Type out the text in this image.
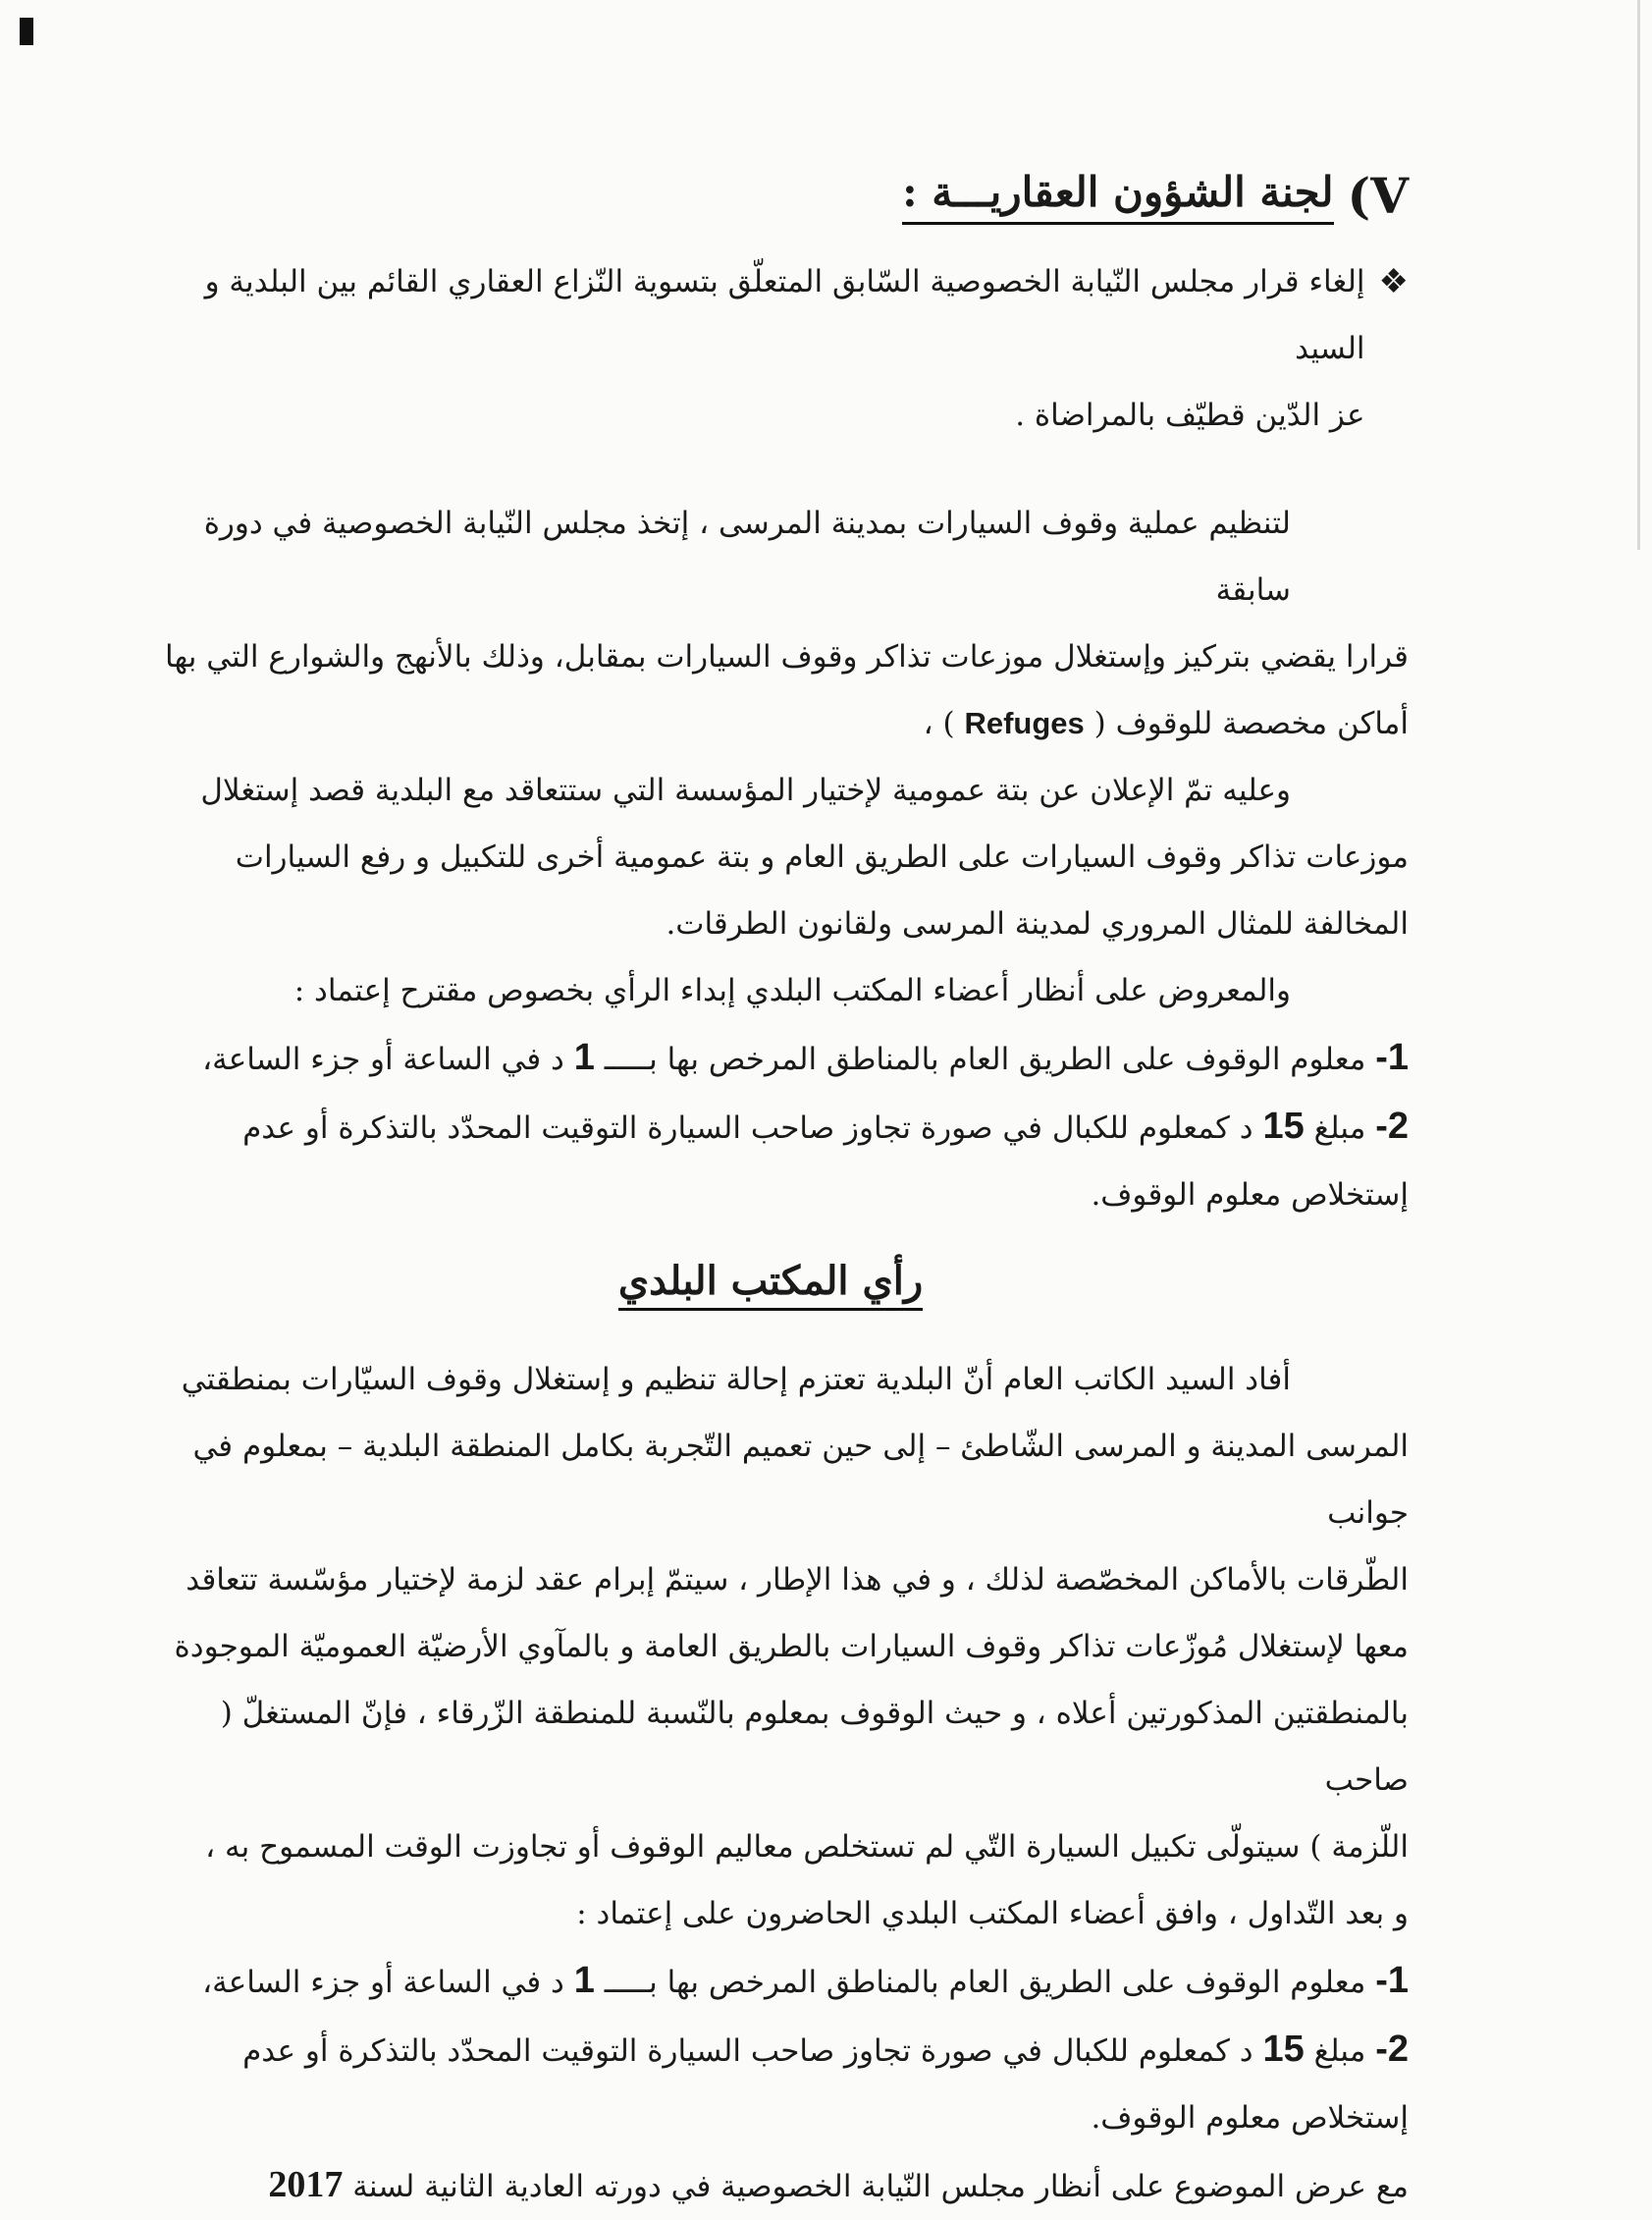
V)
لجنة الشؤون العقاريـــة :
❖

إلغاء قرار مجلس النّيابة الخصوصية السّابق المتعلّق بتسوية النّزاع العقاري القائم بين البلدية و السيد

عز الدّين قطيّف بالمراضاة .

لتنظيم عملية وقوف السيارات بمدينة المرسى ، إتخذ مجلس النّيابة الخصوصية في دورة سابقة

قرارا يقضي بتركيز وإستغلال موزعات تذاكر وقوف السيارات بمقابل، وذلك بالأنهج والشوارع التي بها

أماكن مخصصة للوقوف ( Refuges ) ،

وعليه تمّ الإعلان عن بتة عمومية لإختيار المؤسسة التي ستتعاقد مع البلدية قصد إستغلال

موزعات تذاكر وقوف السيارات على الطريق العام و بتة عمومية أخرى للتكبيل و رفع السيارات

المخالفة للمثال المروري لمدينة المرسى ولقانون الطرقات.

والمعروض على أنظار أعضاء المكتب البلدي إبداء الرأي بخصوص مقترح إعتماد :

1- معلوم الوقوف على الطريق العام بالمناطق المرخص بها بـــــ 1 د في الساعة أو جزء الساعة،

2- مبلغ 15 د كمعلوم للكبال في صورة تجاوز صاحب السيارة التوقيت المحدّد بالتذكرة أو عدم

إستخلاص معلوم الوقوف.

رأي المكتب البلدي

أفاد السيد الكاتب العام أنّ البلدية تعتزم إحالة تنظيم و إستغلال وقوف السيّارات بمنطقتي

المرسى المدينة و المرسى الشّاطئ – إلى حين تعميم التّجربة بكامل المنطقة البلدية – بمعلوم في جوانب

الطّرقات بالأماكن المخصّصة لذلك ، و في هذا الإطار ، سيتمّ إبرام عقد لزمة لإختيار مؤسّسة تتعاقد

معها لإستغلال مُوزّعات تذاكر وقوف السيارات بالطريق العامة و بالمآوي الأرضيّة العموميّة الموجودة

بالمنطقتين المذكورتين أعلاه ، و حيث الوقوف بمعلوم بالنّسبة للمنطقة الزّرقاء ، فإنّ المستغلّ ( صاحب

اللّزمة ) سيتولّى تكبيل السيارة التّي لم تستخلص معاليم الوقوف أو تجاوزت الوقت المسموح به ،

و بعد التّداول ، وافق أعضاء المكتب البلدي الحاضرون على إعتماد :

1- معلوم الوقوف على الطريق العام بالمناطق المرخص بها بـــــ 1 د في الساعة أو جزء الساعة،

2- مبلغ 15 د كمعلوم للكبال في صورة تجاوز صاحب السيارة التوقيت المحدّد بالتذكرة أو عدم

إستخلاص معلوم الوقوف.

مع عرض الموضوع على أنظار مجلس النّيابة الخصوصية في دورته العادية الثانية لسنة 2017
